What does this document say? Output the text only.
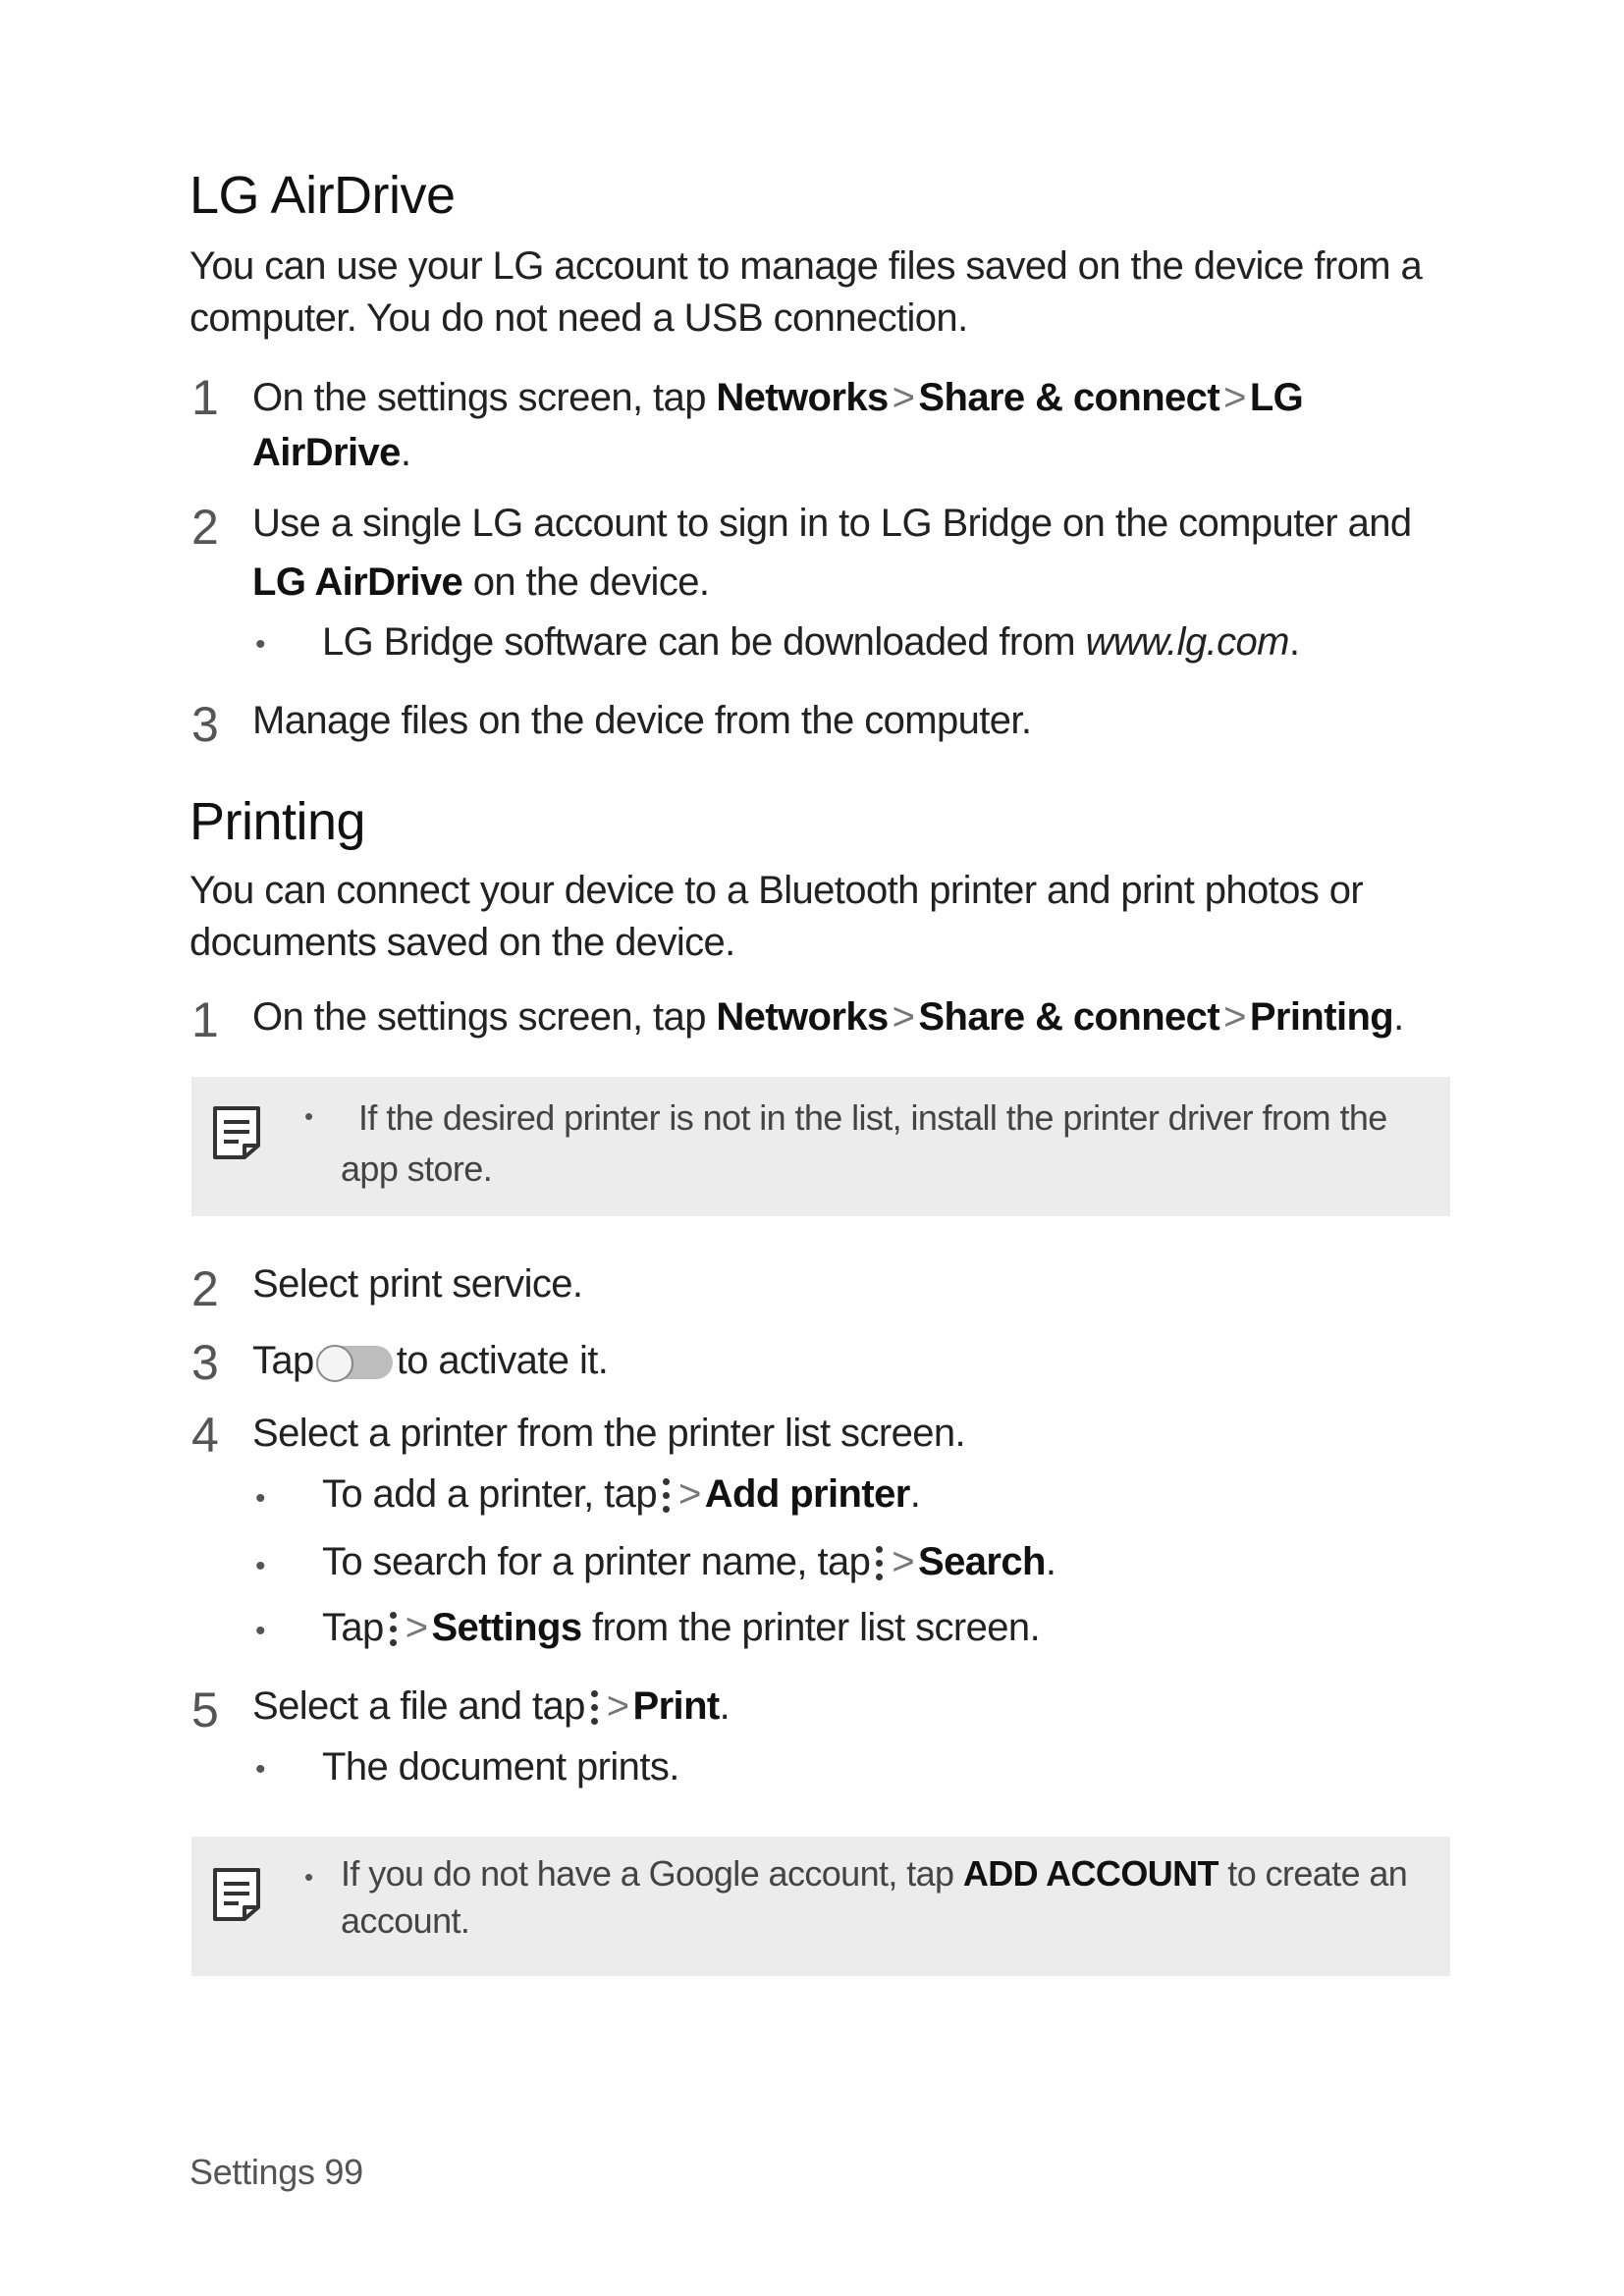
LG AirDrive

You can use your LG account to manage files saved on the device from a

computer. You do not need a USB connection.

1 On the settings screen, tap Networks > Share & connect > LG
AirDrive.
2 Use a single LG account to sign in to LG Bridge on the computer and
LG AirDrive on the device.
•	LG Bridge software can be downloaded from www.lg.com.
3 Manage files on the device from the computer.
Printing

You can connect your device to a Bluetooth printer and print photos or

documents saved on the device.

1 On the settings screen, tap Networks > Share & connect > Printing.
•	If the desired printer is not in the list, install the printer driver from the
app store.
2 Select print service.
3 Tap to activate it.
4 Select a printer from the printer list screen.
•	To add a printer, tap > Add printer.
•	To search for a printer name, tap > Search.
•	Tap > Settings from the printer list screen.
5 Select a file and tap > Print.
•	The document prints.
• If you do not have a Google account, tap ADD ACCOUNT to create an
account.
Settings 99
